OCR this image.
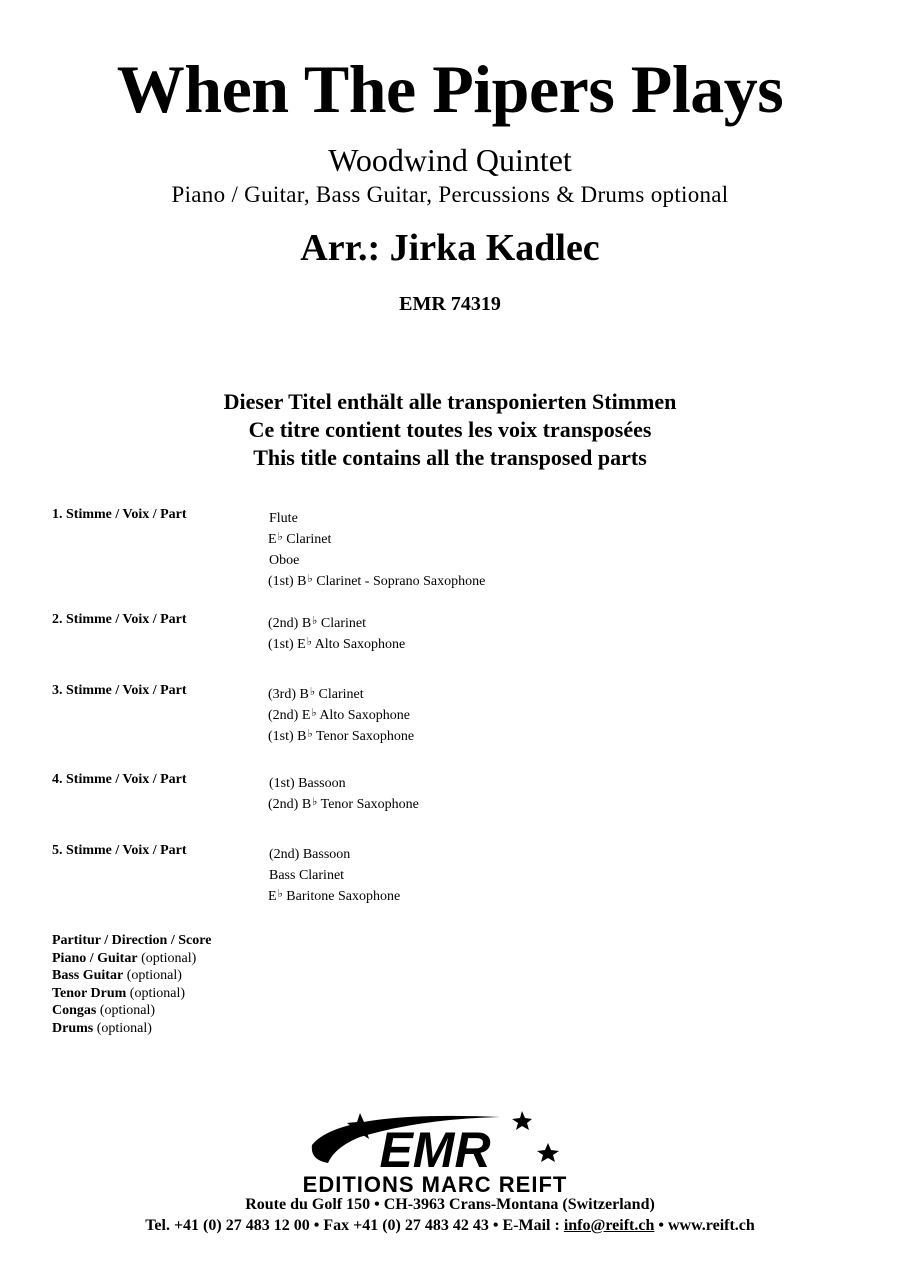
When The Pipers Plays
Woodwind Quintet
Piano / Guitar, Bass Guitar, Percussions & Drums optional
Arr.: Jirka Kadlec
EMR 74319
Dieser Titel enthält alle transponierten Stimmen
Ce titre contient toutes les voix transposées
This title contains all the transposed parts
1. Stimme / Voix / Part	Flute
E♭ Clarinet
Oboe
(1st) B♭ Clarinet - Soprano Saxophone
2. Stimme / Voix / Part	(2nd) B♭ Clarinet
(1st) E♭ Alto Saxophone
3. Stimme / Voix / Part	(3rd) B♭ Clarinet
(2nd) E♭ Alto Saxophone
(1st) B♭ Tenor Saxophone
4. Stimme / Voix / Part	(1st) Bassoon
(2nd) B♭ Tenor Saxophone
5. Stimme / Voix / Part	(2nd) Bassoon
Bass Clarinet
E♭ Baritone Saxophone
Partitur / Direction / Score
Piano / Guitar (optional)
Bass Guitar (optional)
Tenor Drum (optional)
Congas (optional)
Drums (optional)
EMR
EDITIONS MARC REIFT
Route du Golf 150 • CH-3963 Crans-Montana (Switzerland)
Tel. +41 (0) 27 483 12 00 • Fax +41 (0) 27 483 42 43 • E-Mail : info@reift.ch • www.reift.ch
